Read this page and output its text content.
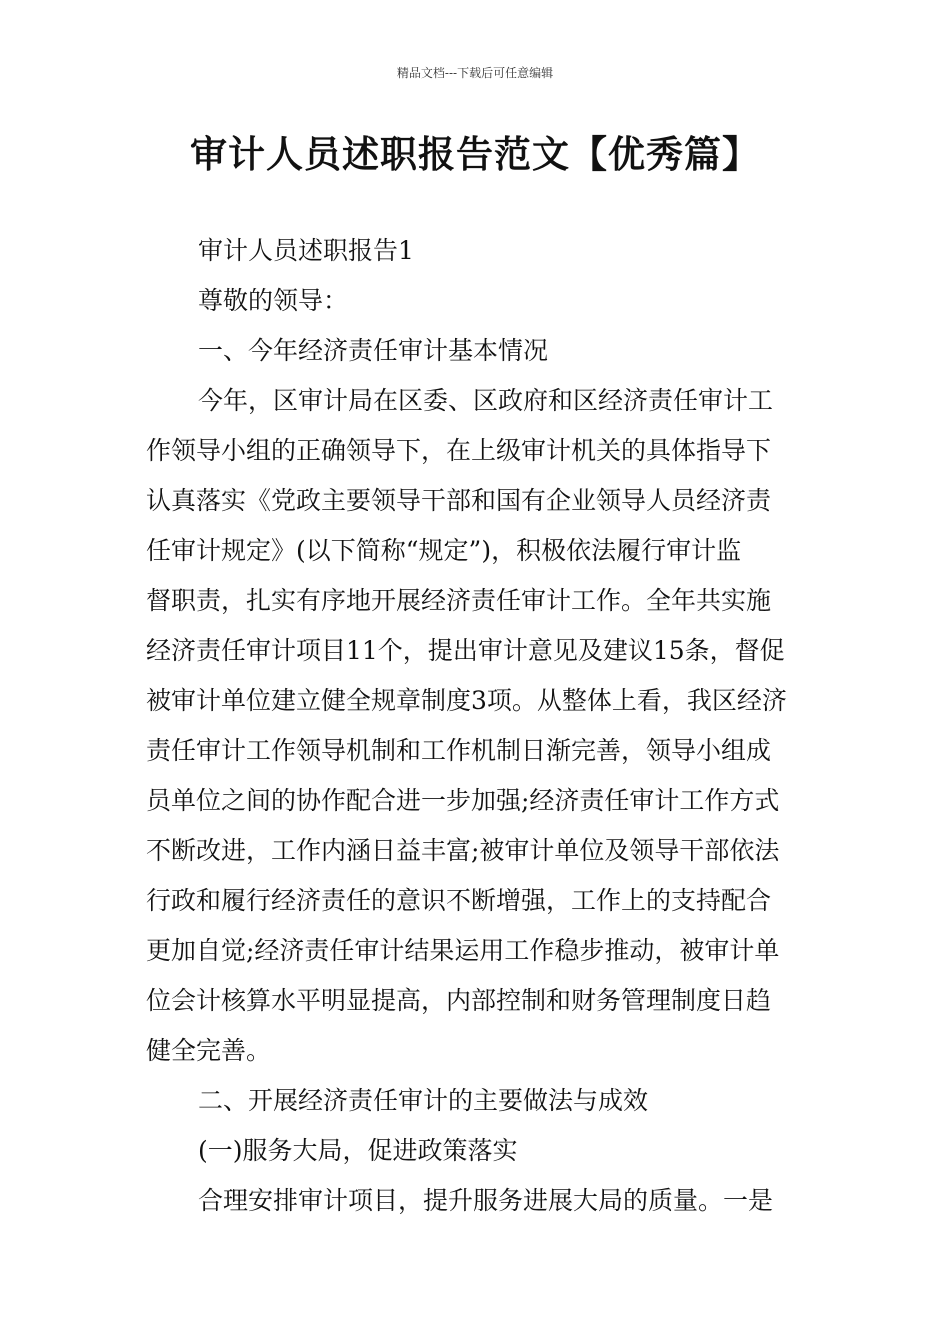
精品文档---下载后可任意编辑
审计人员述职报告范文【优秀篇】
审计人员述职报告1
尊敬的领导：
一、今年经济责任审计基本情况
今年，区审计局在区委、区政府和区经济责任审计工
作领导小组的正确领导下，在上级审计机关的具体指导下
认真落实《党政主要领导干部和国有企业领导人员经济责
任审计规定》(以下简称“规定”)，积极依法履行审计监
督职责，扎实有序地开展经济责任审计工作。全年共实施
经济责任审计项目11个，提出审计意见及建议15条，督促
被审计单位建立健全规章制度3项。从整体上看，我区经济
责任审计工作领导机制和工作机制日渐完善，领导小组成
员单位之间的协作配合进一步加强;经济责任审计工作方式
不断改进，工作内涵日益丰富;被审计单位及领导干部依法
行政和履行经济责任的意识不断增强，工作上的支持配合
更加自觉;经济责任审计结果运用工作稳步推动，被审计单
位会计核算水平明显提高，内部控制和财务管理制度日趋
健全完善。
二、开展经济责任审计的主要做法与成效
(一)服务大局，促进政策落实
合理安排审计项目，提升服务进展大局的质量。一是
